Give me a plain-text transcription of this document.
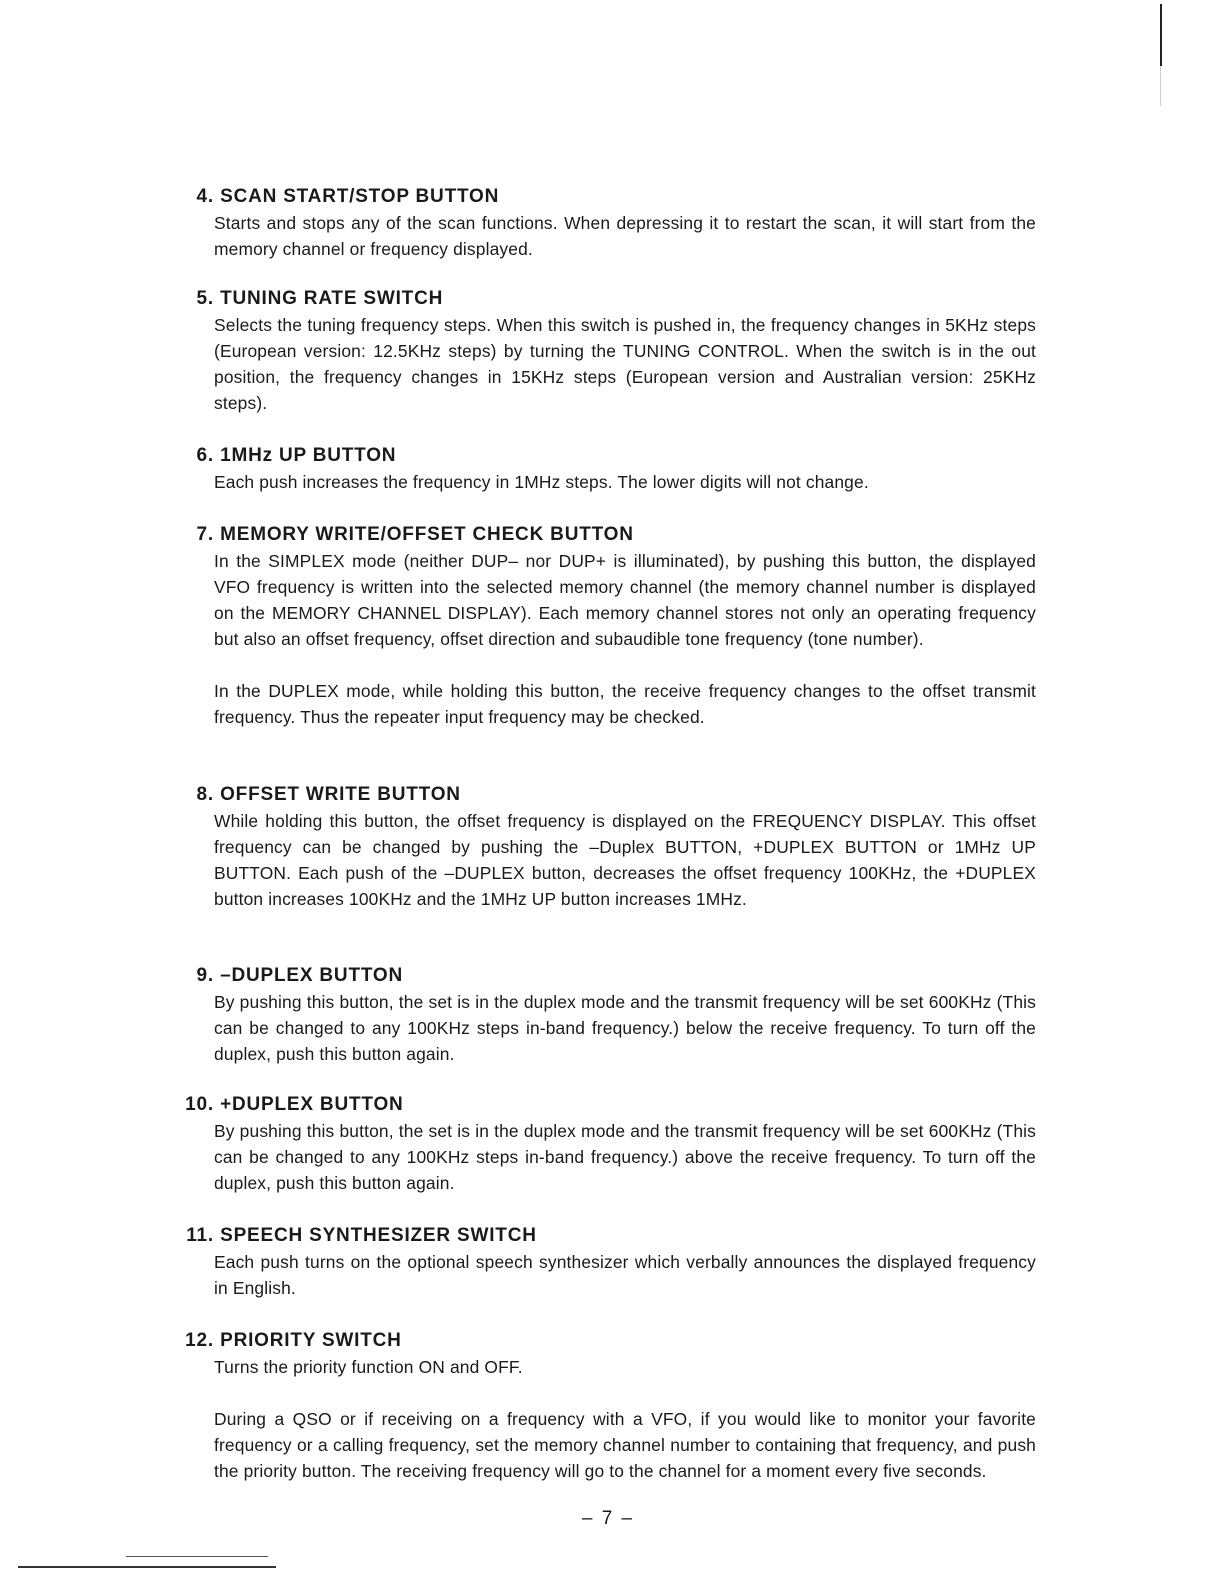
4. SCAN START/STOP BUTTON

Starts and stops any of the scan functions. When depressing it to restart the scan, it will start from the memory channel or frequency displayed.

5. TUNING RATE SWITCH

Selects the tuning frequency steps. When this switch is pushed in, the frequency changes in 5KHz steps (European version: 12.5KHz steps) by turning the TUNING CONTROL. When the switch is in the out position, the frequency changes in 15KHz steps (European version and Australian version: 25KHz steps).

6. 1MHz UP BUTTON

Each push increases the frequency in 1MHz steps. The lower digits will not change.

7. MEMORY WRITE/OFFSET CHECK BUTTON

In the SIMPLEX mode (neither DUP– nor DUP+ is illuminated), by pushing this button, the displayed VFO frequency is written into the selected memory channel (the memory channel number is displayed on the MEMORY CHANNEL DISPLAY). Each memory channel stores not only an operating frequency but also an offset frequency, offset direction and subaudible tone frequency (tone number).

In the DUPLEX mode, while holding this button, the receive frequency changes to the offset transmit frequency. Thus the repeater input frequency may be checked.

8. OFFSET WRITE BUTTON

While holding this button, the offset frequency is displayed on the FREQUENCY DISPLAY. This offset frequency can be changed by pushing the –Duplex BUTTON, +DUPLEX BUTTON or 1MHz UP BUTTON. Each push of the –DUPLEX button, decreases the offset frequency 100KHz, the +DUPLEX button increases 100KHz and the 1MHz UP button increases 1MHz.

9. –DUPLEX BUTTON

By pushing this button, the set is in the duplex mode and the transmit frequency will be set 600KHz (This can be changed to any 100KHz steps in-band frequency.) below the receive frequency. To turn off the duplex, push this button again.

10. +DUPLEX BUTTON

By pushing this button, the set is in the duplex mode and the transmit frequency will be set 600KHz (This can be changed to any 100KHz steps in-band frequency.) above the receive frequency. To turn off the duplex, push this button again.

11. SPEECH SYNTHESIZER SWITCH

Each push turns on the optional speech synthesizer which verbally announces the displayed frequency in English.

12. PRIORITY SWITCH

Turns the priority function ON and OFF.

During a QSO or if receiving on a frequency with a VFO, if you would like to monitor your favorite frequency or a calling frequency, set the memory channel number to containing that frequency, and push the priority button. The receiving frequency will go to the channel for a moment every five seconds.

– 7 –
